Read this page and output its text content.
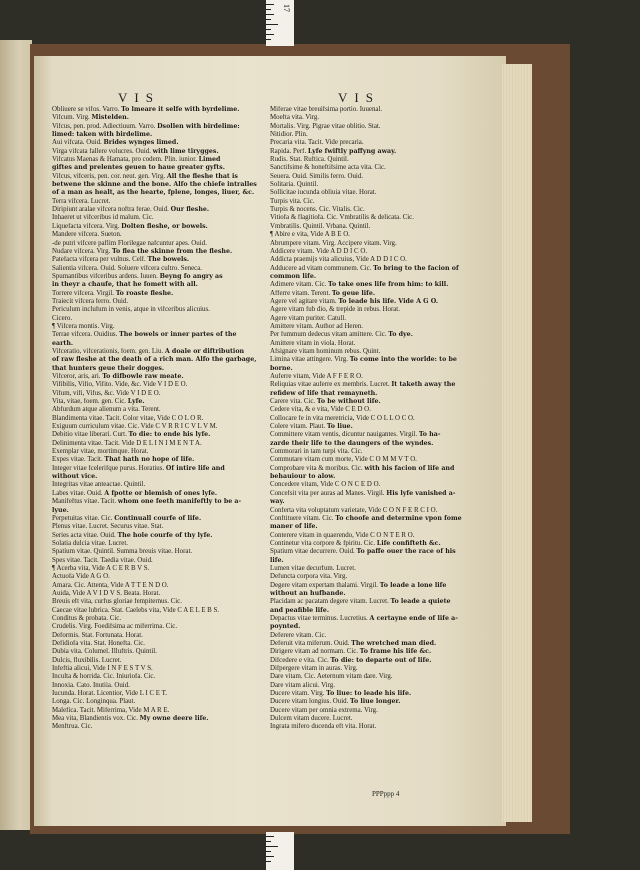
17
VIS	VIS
Obliuere se vifos. Varro. To lmeare it selfe with byrdelime.
Vifcum. Virg. Mistelden.
Vifcus, pen. prod. Adiectiuum. Varro. Dsollen with birdelime:
limed: taken with birdelime.
Aui vifcata. Ouid. Brides wynges limed.
Virga vifcata fallere volucres. Ouid. with lime tirygges.
Vifcatus Maenas & Hamata, pro codem. Plin. iunior. Limed
giftes and prelentes geuen to haue greater gyfts.
Vifcus, vifceris, pen. cor. neut. gen. Virg. All the fleshe that is
betwene the skinne and the bone. Alfo the chiefe intralles
of a man as healt, as the hearte, fplene, longes, liuer, &c.
Terra vifcera. Lucret.
Diripiunt aralae vifcera noftra ferae. Ouid. Our fleshe.
Inhaeret ut vifceribus id malum. Cic.
Liquefacta vifcera. Virg. Dolten fleshe, or bowels.
Mandere vifcera. Sueton.
-de putri vifcere paflim Florilegae nafcuntur apes. Ouid.
Nudare vifcera. Virg. To flea the skinne from the fleshe.
Patefacta vifcera per vulnus. Celf. The bowels.
Salientia vifcera. Ouid. Soluere vifcera cultro. Seneca.
Spumantibus vifceribus ardens. Iuuen. Beyng fo angry as
in theyr a chaufe, that he fomett with all.
Torrere vifcera. Virgil. To roaste fleshe.
Traiecit vifcera ferro. Ouid.
Periculum inclufum in venis, atque in vifceribus alicuius.
Cicero.
¶ Vifcera montis. Virg.
Terrae vifcera. Ouidius. The bowels or inner partes of the
earth.
Vifceratio, vifcerationis, foem. gen. Liu. A doale or diftribution
of raw fleshe at the death of a rich man. Alfo the garbage,
that hunters geue their dogges.
Vifceror, aris, ari. To difbowle raw meate.
Vifibilis, Vifio, Vifito. Vide, &c. Vide V I D E O.
Vifum, vifi, Vifus, &c. Vide V I D E O.
Vita, vitae, foem. gen. Cic. Lyfe.
Abfurdum atque alienum a vita. Terent.
Blandimenta vitae. Tacit. Color vitae, Vide C O L O R.
Exiguum curriculum vitae. Cic. Vide C V R R I C V L V M.
Debitio vitae liberari. Curt. To die: to ende his lyfe.
Delinimenta vitae. Tacit. Vide D E L I N I M E N T A.
Exemplar vitae, mortimque. Horat.
Expes vitae. Tacit. That hath no hope of life.
Integer vitae fcelerifque purus. Horatius. Of intire life and
without vice.
Integritas vitae anteactae. Quintil.
Labes vitae. Ouid. A fpotte or blemish of ones lyfe.
Manifeftus vitae. Tacit. whom one feeth manifeftly to be a-
lyue.
Perpetuitas vitae. Cic. Continuall courfe of life.
Plenus vitae. Lucret. Securus vitae. Stat.
Series acta vitae. Ouid. The hole courfe of thy lyfe.
Solatia dulcia vitae. Lucret.
Spatium vitae. Quintil. Summa breuis vitae. Horat.
Spes vitae. Tacit. Taedia vitae. Ouid.
¶ Acerba vita, Vide A C E R B V S.
Actuofa Vide A G O.
Amara. Cic. Attenta, Vide A T T E N D O.
Auida, Vide A V I D V S. Beata. Horat.
Breuis eft vita, curfus gloriae fempiternus. Cic.
Caecae vitae lubrica. Stat. Caelebs vita, Vide C A E L E B S.
Conditus & probata. Cic.
Crudelis. Virg. Foedifsima ac miferrima. Cic.
Deformis. Stat. Fortunata. Horat.
Defidiofa vita. Stat. Honefta. Cic.
Dubia vita. Columel. Illuftris. Quintil.
Dulcis, fluxibilis. Lucret.
Infeftia alicui, Vide I N F E S T V S.
Inculta & horrida. Cic. Iniuriofa. Cic.
Innoxia. Cato. Inutiia. Ouid.
Iucunda. Horat. Licentior, Vide L I C E T.
Longa. Cic. Longinqua. Plaut.
Malefica. Tacit. Miferrima, Vide M A R E.
Mea vita, Blandientis vox. Cic. My owne deere life.
Menftrua. Cic.
Miferae vitae breuifsima portio. Iuuenal.
Moefta vita. Virg.
Mortalis. Virg. Pigrae vitae oblitio. Stat.
Nitidior. Plin.
Precaria vita. Tacit. Vide precaria.
Rapida. Perf. Lyfe fwiftly paffyng away.
Rudis. Stat. Ruftica. Quintil.
Sanctifsime & honeftifsime acta vita. Cic.
Seuera. Ouid. Similis ferro. Ouid.
Solitaria. Quintil.
Sollicitae iucunda obliuia vitae. Horat.
Turpis vita. Cic.
Turpis & nocens. Cic. Vitalis. Cic.
Vitiofa & flagitiofa. Cic. Vmbratilis & delicata. Cic.
Vmbratilis. Quintil. Vrbana. Quintil.
¶ Abire e vita, Vide A B E O.
Abrumpere vitam. Virg. Accipere vitam. Virg.
Addicere vitam. Vide A D D I C O.
Addicta praemijs vita alicuius, Vide A D D I C O.
Adducere ad vitam communem. Cic. To bring to the facion of
common life.
Adimere vitam. Cic. To take ones life from him: to kill.
Afferre vitam. Terent. To geue life.
Agere vel agitare vitam. To leade his life. Vide A G O.
Agere vitam fub dio, & trepide in rebus. Horat.
Agere vitam puriter. Catull.
Amittere vitam. Author ad Heren.
Per fummum dedecus vitam amittere. Cic. To dye.
Amittere vitam in viola. Horat.
Afsignare vitam hominum rebus. Quint.
Limina vitae attingere. Virg. To come into the worlde: to be
borne.
Auferre vitam, Vide A F F E R O.
Reliquias vitae auferre ex membris. Lucret. It taketh away the
refidew of life that remayneth.
Carere vita. Cic. To be without life.
Cedere vita, & e vita, Vide C E D O.
Collocare fe in vita meretricia, Vide C O L L O C O.
Colere vitam. Plaut. To liue.
Committere vitam ventis, dicuntur nauigantes. Virgil. To ha-
zarde their life to the daungers of the wyndes.
Commorari in tam turpi vita. Cic.
Commutare vitam cum morte, Vide C O M M V T O.
Comprobare vita & moribus. Cic. with his facion of life and
behauiour to alow.
Concedere vitam, Vide C O N C E D O.
Concefsit vita per auras ad Manes. Virgil. His lyfe vanished a-
way.
Conferta vita voluptatum varietate, Vide C O N F E R C I O.
Conftituere vitam. Cic. To choofe and determine vpon fome
maner of life.
Conterere vitam in quaerendo, Vide C O N T E R O.
Continetur vita corpore & fpiritu. Cic. Life confifteth &c.
Spatium vitae decurrere. Ouid. To paffe ouer the race of his
life.
Lumen vitae decurfum. Lucret.
Defuncta corpora vita. Virg.
Degere vitam expertam thalami. Virgil. To leade a lone life
without an hufbande.
Placidam ac pacatam degere vitam. Lucret. To leade a quiete
and peafible life.
Depactus vitae terminus. Lucretius. A certayne ende of life a-
poynted.
Deferere vitam. Cic.
Deferuit vita miferum. Ouid. The wretched man died.
Dirigere vitam ad normam. Cic. To frame his life &c.
Difcedere e vita. Cic. To die: to departe out of life.
Difpergere vitam in auras. Virg.
Dare vitam. Cic. Aeternum vitam dare. Virg.
Dare vitam alicui. Virg.
Ducere vitam. Virg. To liue: to leade his life.
Ducere vitam longius. Ouid. To liue longer.
Ducere vitam per omnia extrema. Virg.
Dulcem vitam ducere. Lucret.
Ingrata mifero ducenda eft vita. Horat.
PPPppp 4
